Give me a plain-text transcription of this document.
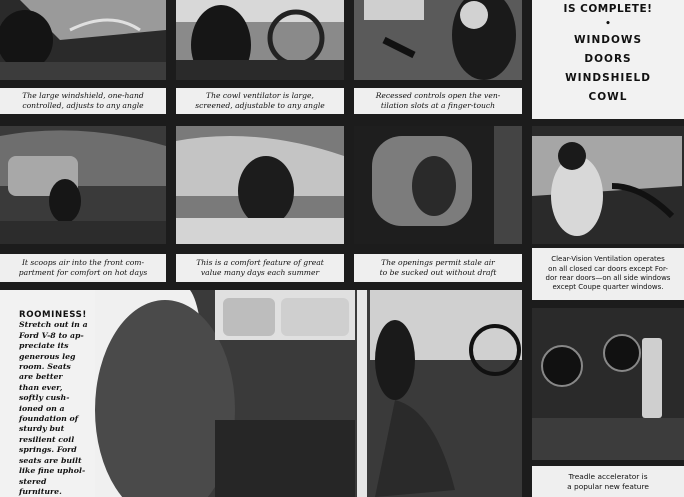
IS COMPLETE!
•
WINDOWS
DOORS
WINDSHIELD
COWL
The large windshield, one-hand
controlled, adjusts to any angle
The cowl ventilator is large,
screened, adjustable to any angle
Recessed controls open the ven-
tilation slots at a finger-touch
It scoops air into the front com-
partment for comfort on hot days
This is a comfort feature of great
value many days each summer
The openings permit stale air
to be sucked out without draft
Clear-Vision Ventilation operates
on all closed car doors except For-
dor rear doors—on all side windows
except Coupe quarter windows.
ROOMINESS!
Stretch out in a
Ford V-8 to ap-
preciate its
generous leg
room. Seats
are better
than ever,
softly cush-
ioned on a
foundation of
sturdy but
resilient coil
springs. Ford
seats are built
like fine uphol-
stered furniture.
Treadle accelerator is
a popular new feature
